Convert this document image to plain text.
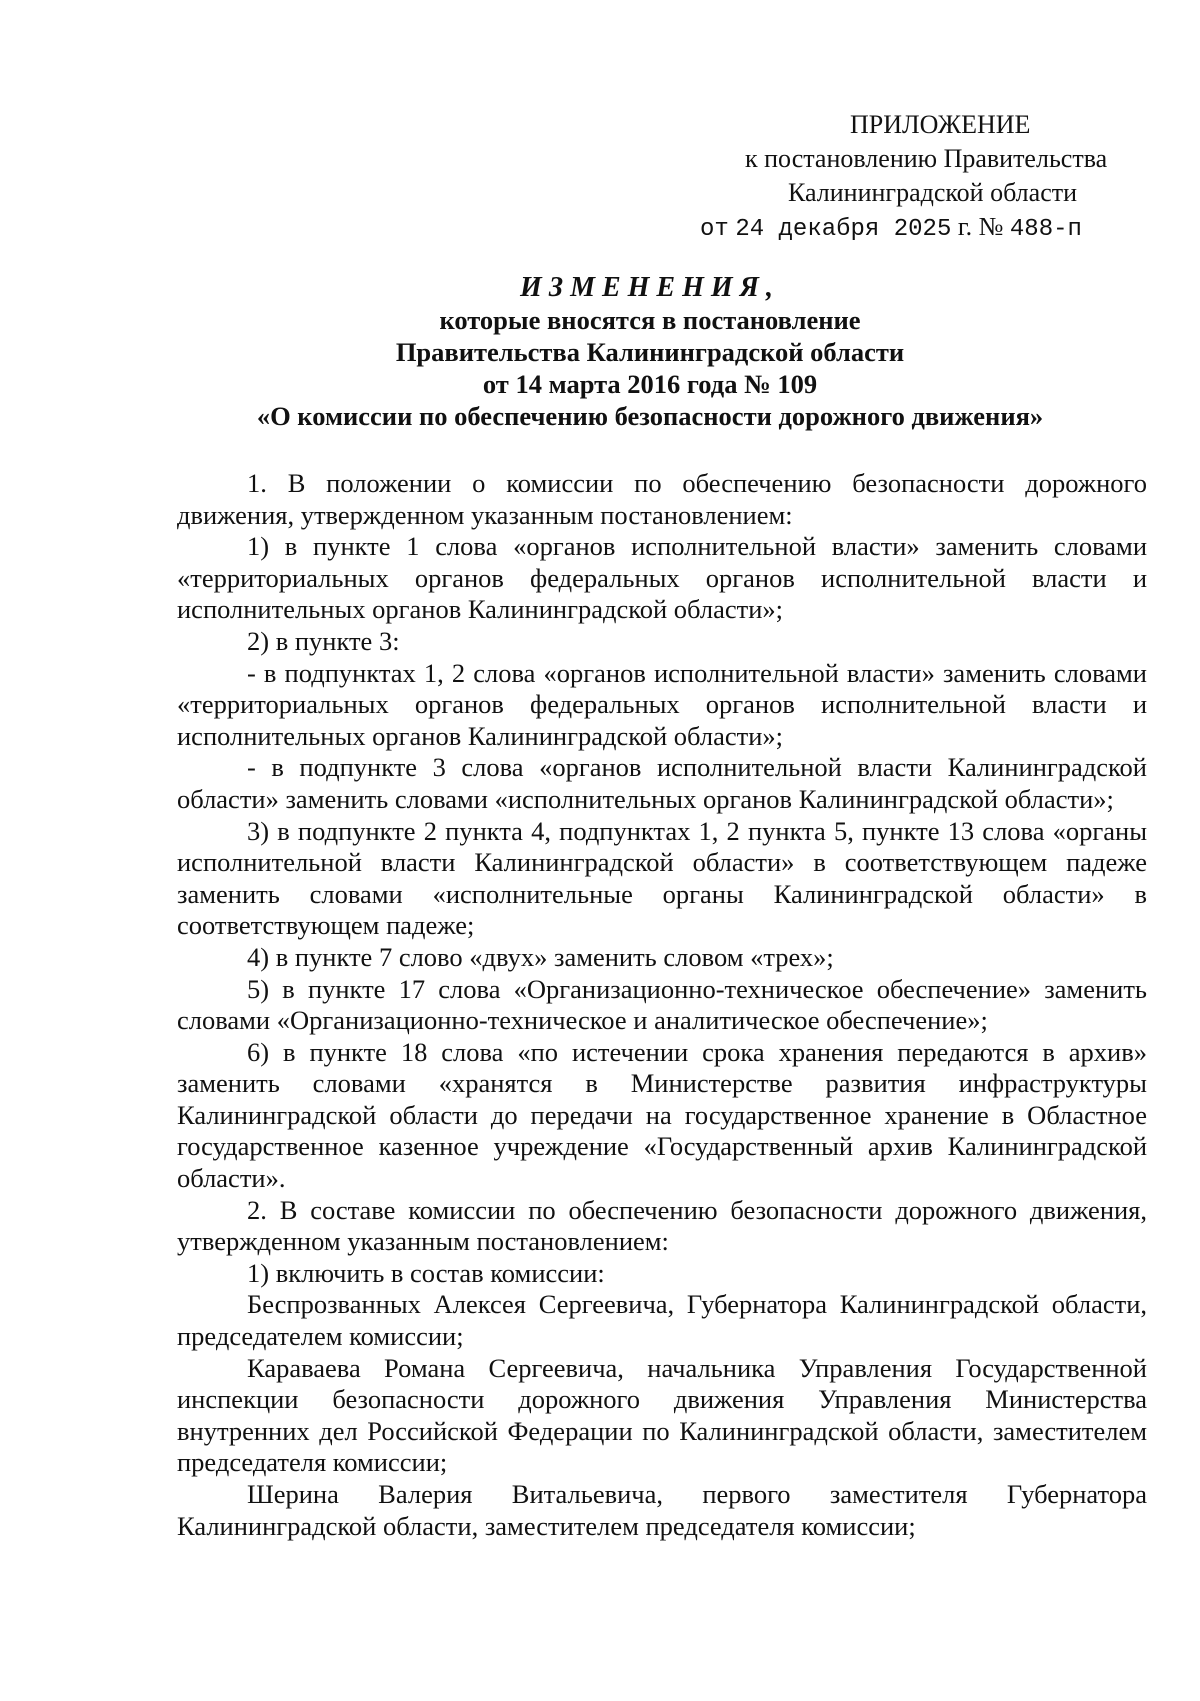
ПРИЛОЖЕНИЕ
к постановлению Правительства
Калининградской области
от 24 декабря 2025 г. № 488-п
ИЗМЕНЕНИЯ,
которые вносятся в постановление
Правительства Калининградской области
от 14 марта 2016 года № 109
«О комиссии по обеспечению безопасности дорожного движения»

1. В положении о комиссии по обеспечению безопасности дорожного движения, утвержденном указанным постановлением:

1) в пункте 1 слова «органов исполнительной власти» заменить словами «территориальных органов федеральных органов исполнительной власти и исполнительных органов Калининградской области»;

2) в пункте 3:

- в подпунктах 1, 2 слова «органов исполнительной власти» заменить словами «территориальных органов федеральных органов исполнительной власти и исполнительных органов Калининградской области»;

- в подпункте 3 слова «органов исполнительной власти Калининградской области» заменить словами «исполнительных органов Калининградской области»;

3) в подпункте 2 пункта 4, подпунктах 1, 2 пункта 5, пункте 13 слова «органы исполнительной власти Калининградской области» в соответствующем падеже заменить словами «исполнительные органы Калининградской области» в соответствующем падеже;

4) в пункте 7 слово «двух» заменить словом «трех»;

5) в пункте 17 слова «Организационно-техническое обеспечение» заменить словами «Организационно-техническое и аналитическое обеспечение»;

6) в пункте 18 слова «по истечении срока хранения передаются в архив» заменить словами «хранятся в Министерстве развития инфраструктуры Калининградской области до передачи на государственное хранение в Областное государственное казенное учреждение «Государственный архив Калининградской области».

2. В составе комиссии по обеспечению безопасности дорожного движения, утвержденном указанным постановлением:

1) включить в состав комиссии:

Беспрозванных Алексея Сергеевича, Губернатора Калининградской области, председателем комиссии;

Караваева Романа Сергеевича, начальника Управления Государственной инспекции безопасности дорожного движения Управления Министерства внутренних дел Российской Федерации по Калининградской области, заместителем председателя комиссии;

Шерина Валерия Витальевича, первого заместителя Губернатора Калининградской области, заместителем председателя комиссии;
